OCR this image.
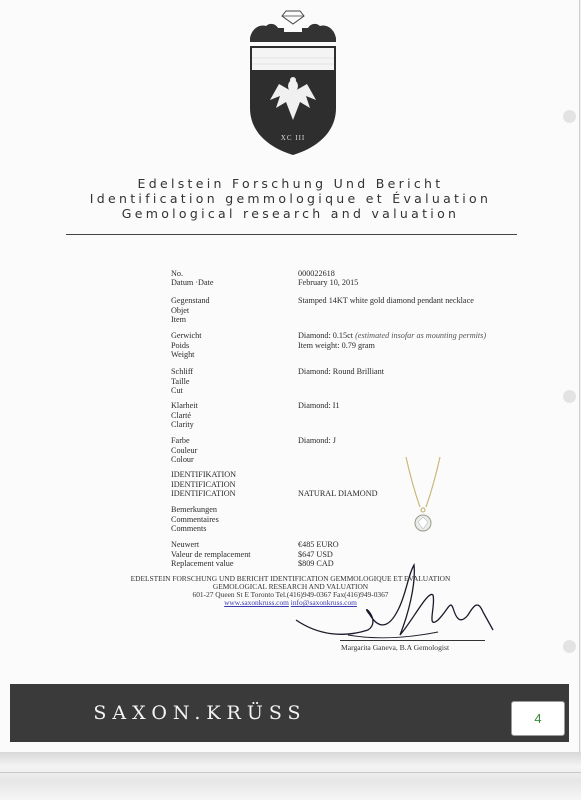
XC III
Edelstein Forschung Und Bericht
Identification gemmologique et Évaluation
Gemological research and valuation
No.
Datum ·Date
000022618
February 10, 2015
Gegenstand
Objet
Item
Stamped 14KT white gold diamond pendant necklace
Gerwicht
Poids
Weight
Diamond: 0.15ct (estimated insofar as mounting permits)
Item weight: 0.79 gram
Schliff
Taille
Cut
Diamond: Round Brilliant
Klarheit
Clarté
Clarity
Diamond: I1
Farbe
Couleur
Colour
Diamond: J
IDENTIFIKATION
IDENTIFICATION
IDENTIFICATION	NATURAL DIAMOND
Bemerkungen
Commentaires
Comments
Neuwert
Valeur de remplacement
Replacement value
€485 EURO
$647 USD
$809 CAD
EDELSTEIN FORSCHUNG UND BERICHT IDENTIFICATION GEMMOLOGIQUE ET EVALUATION
GEMOLOGICAL RESEARCH AND VALUATION
601-27 Queen St E Toronto Tel.(416)949-0367 Fax(416)949-0367
www.saxonkruss.com info@saxonkruss.com
Margarita Ganeva, B.A Gemologist
SAXON.KRÜSS	4
